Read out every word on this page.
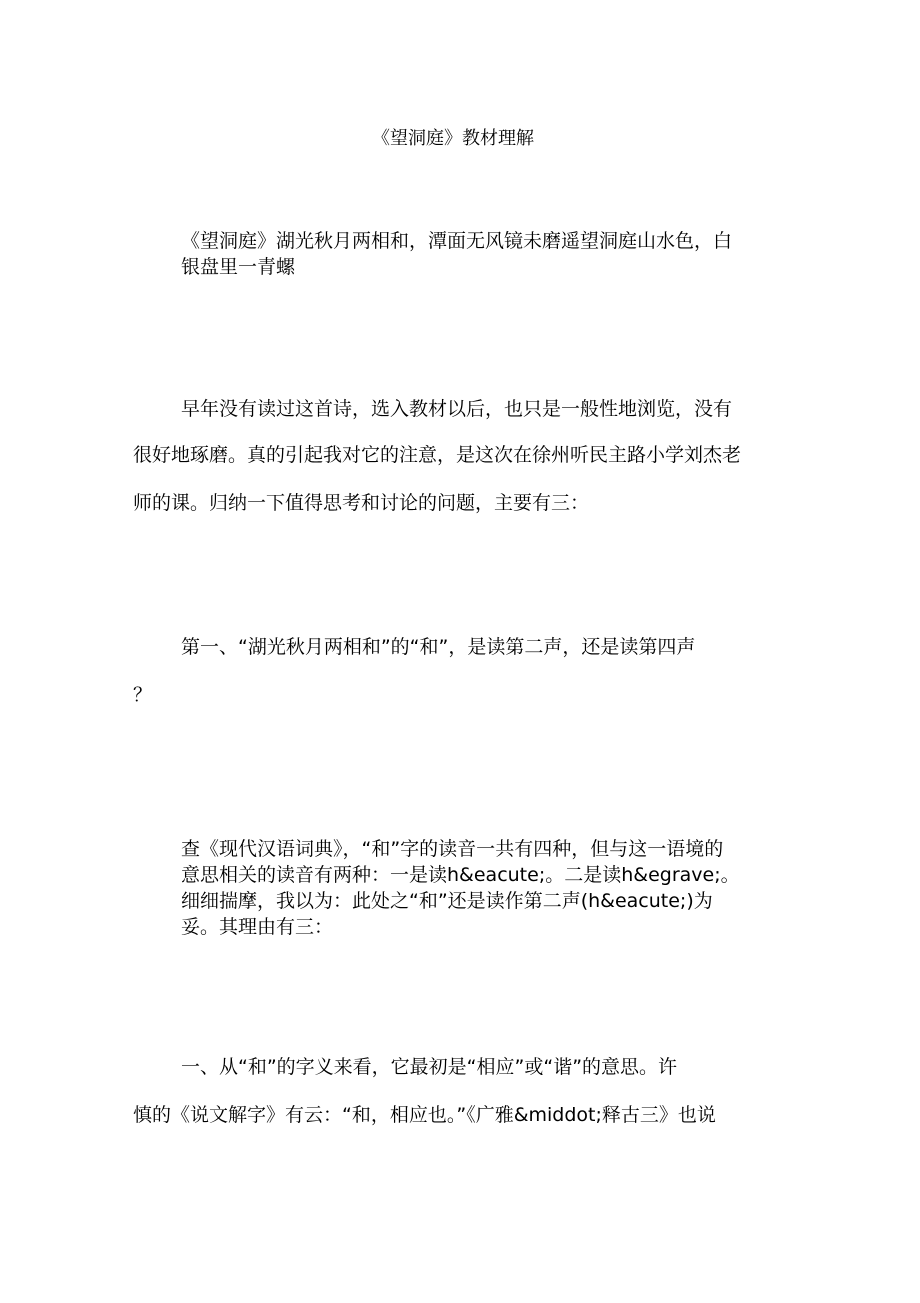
《望洞庭》教材理解
《望洞庭》湖光秋月两相和，潭面无风镜未磨遥望洞庭山水色，白
银盘里一青螺
早年没有读过这首诗，选入教材以后，也只是一般性地浏览，没有
很好地琢磨。真的引起我对它的注意，是这次在徐州听民主路小学刘杰老
师的课。归纳一下值得思考和讨论的问题，主要有三：
第一、“湖光秋月两相和”的“和”，是读第二声，还是读第四声
？
查《现代汉语词典》，“和”字的读音一共有四种，但与这一语境的
意思相关的读音有两种：一是读h&eacute;。二是读h&egrave;。
细细揣摩，我以为：此处之“和”还是读作第二声(h&eacute;)为
妥。其理由有三：
一、从“和”的字义来看，它最初是“相应”或“谐”的意思。许
慎的《说文解字》有云：“和，相应也。”《广雅&middot;释古三》也说
